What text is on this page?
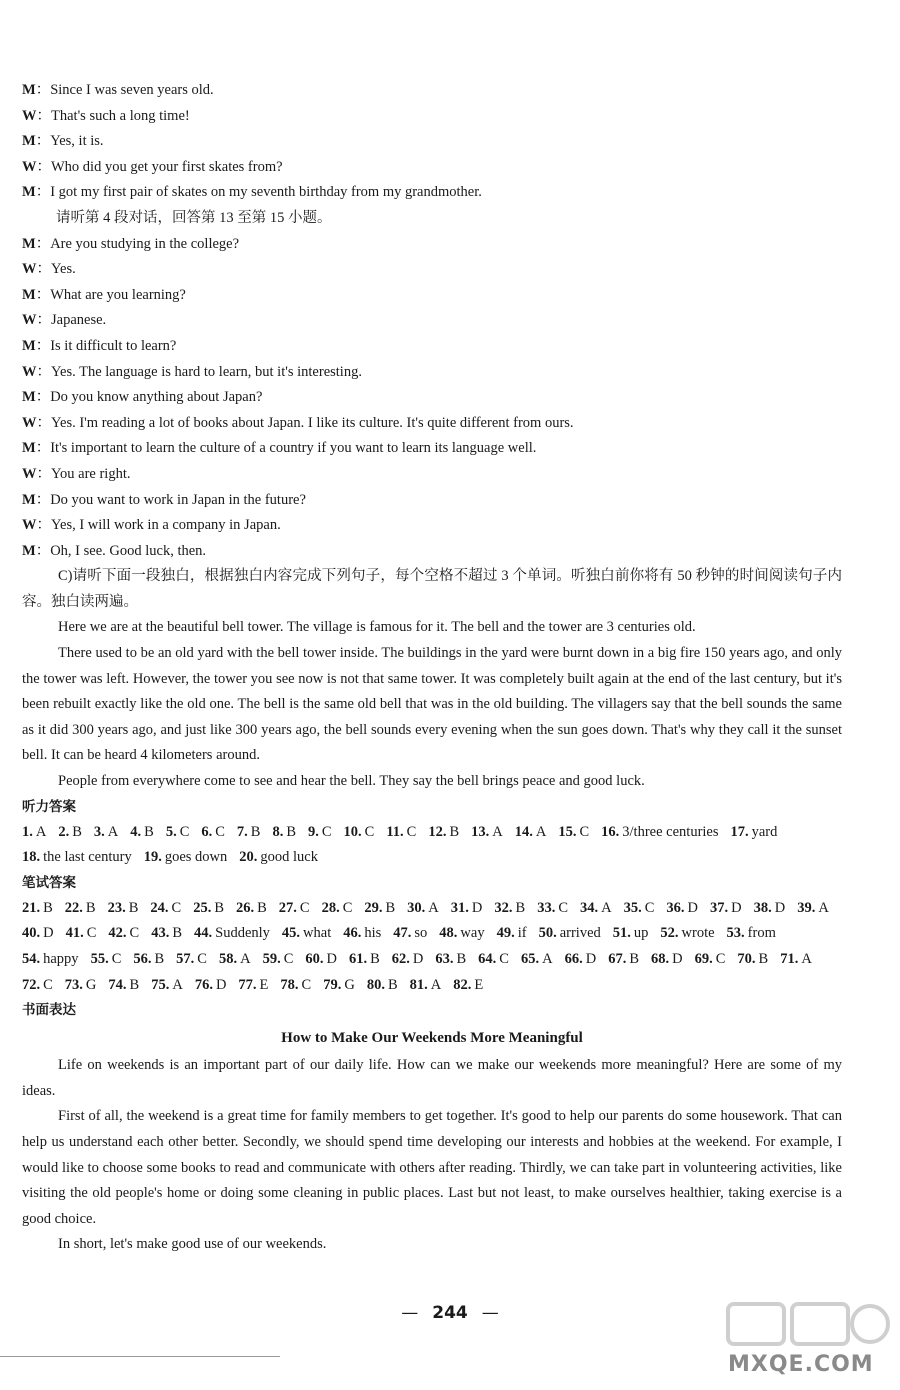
M：Since I was seven years old.
W：That's such a long time!
M：Yes, it is.
W：Who did you get your first skates from?
M：I got my first pair of skates on my seventh birthday from my grandmother.
请听第 4 段对话，回答第 13 至第 15 小题。
M：Are you studying in the college?
W：Yes.
M：What are you learning?
W：Japanese.
M：Is it difficult to learn?
W：Yes. The language is hard to learn, but it's interesting.
M：Do you know anything about Japan?
W：Yes. I'm reading a lot of books about Japan. I like its culture. It's quite different from ours.
M：It's important to learn the culture of a country if you want to learn its language well.
W：You are right.
M：Do you want to work in Japan in the future?
W：Yes, I will work in a company in Japan.
M：Oh, I see. Good luck, then.

C)请听下面一段独白，根据独白内容完成下列句子，每个空格不超过 3 个单词。听独白前你将有 50 秒钟的时间阅读句子内容。独白读两遍。

Here we are at the beautiful bell tower. The village is famous for it. The bell and the tower are 3 centuries old.

There used to be an old yard with the bell tower inside. The buildings in the yard were burnt down in a big fire 150 years ago, and only the tower was left. However, the tower you see now is not that same tower. It was completely built again at the end of the last century, but it's been rebuilt exactly like the old one. The bell is the same old bell that was in the old building. The villagers say that the bell sounds the same as it did 300 years ago, and just like 300 years ago, the bell sounds every evening when the sun goes down. That's why they call it the sunset bell. It can be heard 4 kilometers around.

People from everywhere come to see and hear the bell. They say the bell brings peace and good luck.

听力答案
1. A 2. B 3. A 4. B 5. C 6. C 7. B 8. B 9. C 10. C 11. C 12. B 13. A 14. A 15. C 16. 3/three centuries 17. yard18. the last century 19. goes down 20. good luck
笔试答案
21. B 22. B 23. B 24. C 25. B 26. B 27. C 28. C 29. B 30. A 31. D 32. B 33. C 34. A 35. C 36. D 37. D 38. D 39. A40. D 41. C 42. C 43. B 44. Suddenly 45. what 46. his 47. so 48. way 49. if 50. arrived 51. up 52. wrote 53. from54. happy 55. C 56. B 57. C 58. A 59. C 60. D 61. B 62. D 63. B 64. C 65. A 66. D 67. B 68. D 69. C 70. B 71. A72. C 73. G 74. B 75. A 76. D 77. E 78. C 79. G 80. B 81. A 82. E
书面表达
How to Make Our Weekends More Meaningful

Life on weekends is an important part of our daily life. How can we make our weekends more meaningful? Here are some of my ideas.

First of all, the weekend is a great time for family members to get together. It's good to help our parents do some housework. That can help us understand each other better. Secondly, we should spend time developing our interests and hobbies at the weekend. For example, I would like to choose some books to read and communicate with others after reading. Thirdly, we can take part in volunteering activities, like visiting the old people's home or doing some cleaning in public places. Last but not least, to make ourselves healthier, taking exercise is a good choice.

In short, let's make good use of our weekends.

— 244 —
MXQE.COM
